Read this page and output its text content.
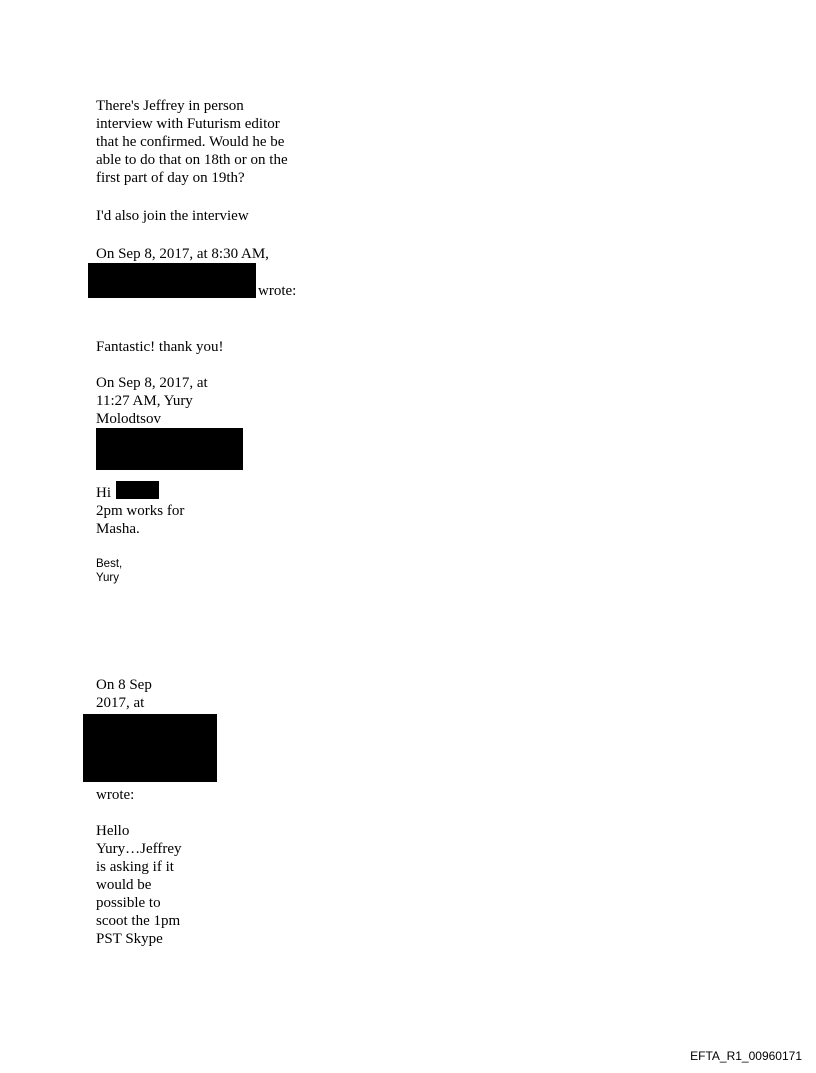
There's Jeffrey in person
interview with Futurism editor
that he confirmed. Would he be
able to do that on 18th or on the
first part of day on 19th?
I'd also join the interview
On Sep 8, 2017, at 8:30 AM,
wrote:
Fantastic! thank you!
On Sep 8, 2017, at
11:27 AM, Yury
Molodtsov
Hi
2pm works for
Masha.
Best,
Yury
On 8 Sep
2017, at
wrote:
Hello
Yury…Jeffrey
is asking if it
would be
possible to
scoot the 1pm
PST Skype
EFTA_R1_00960171
